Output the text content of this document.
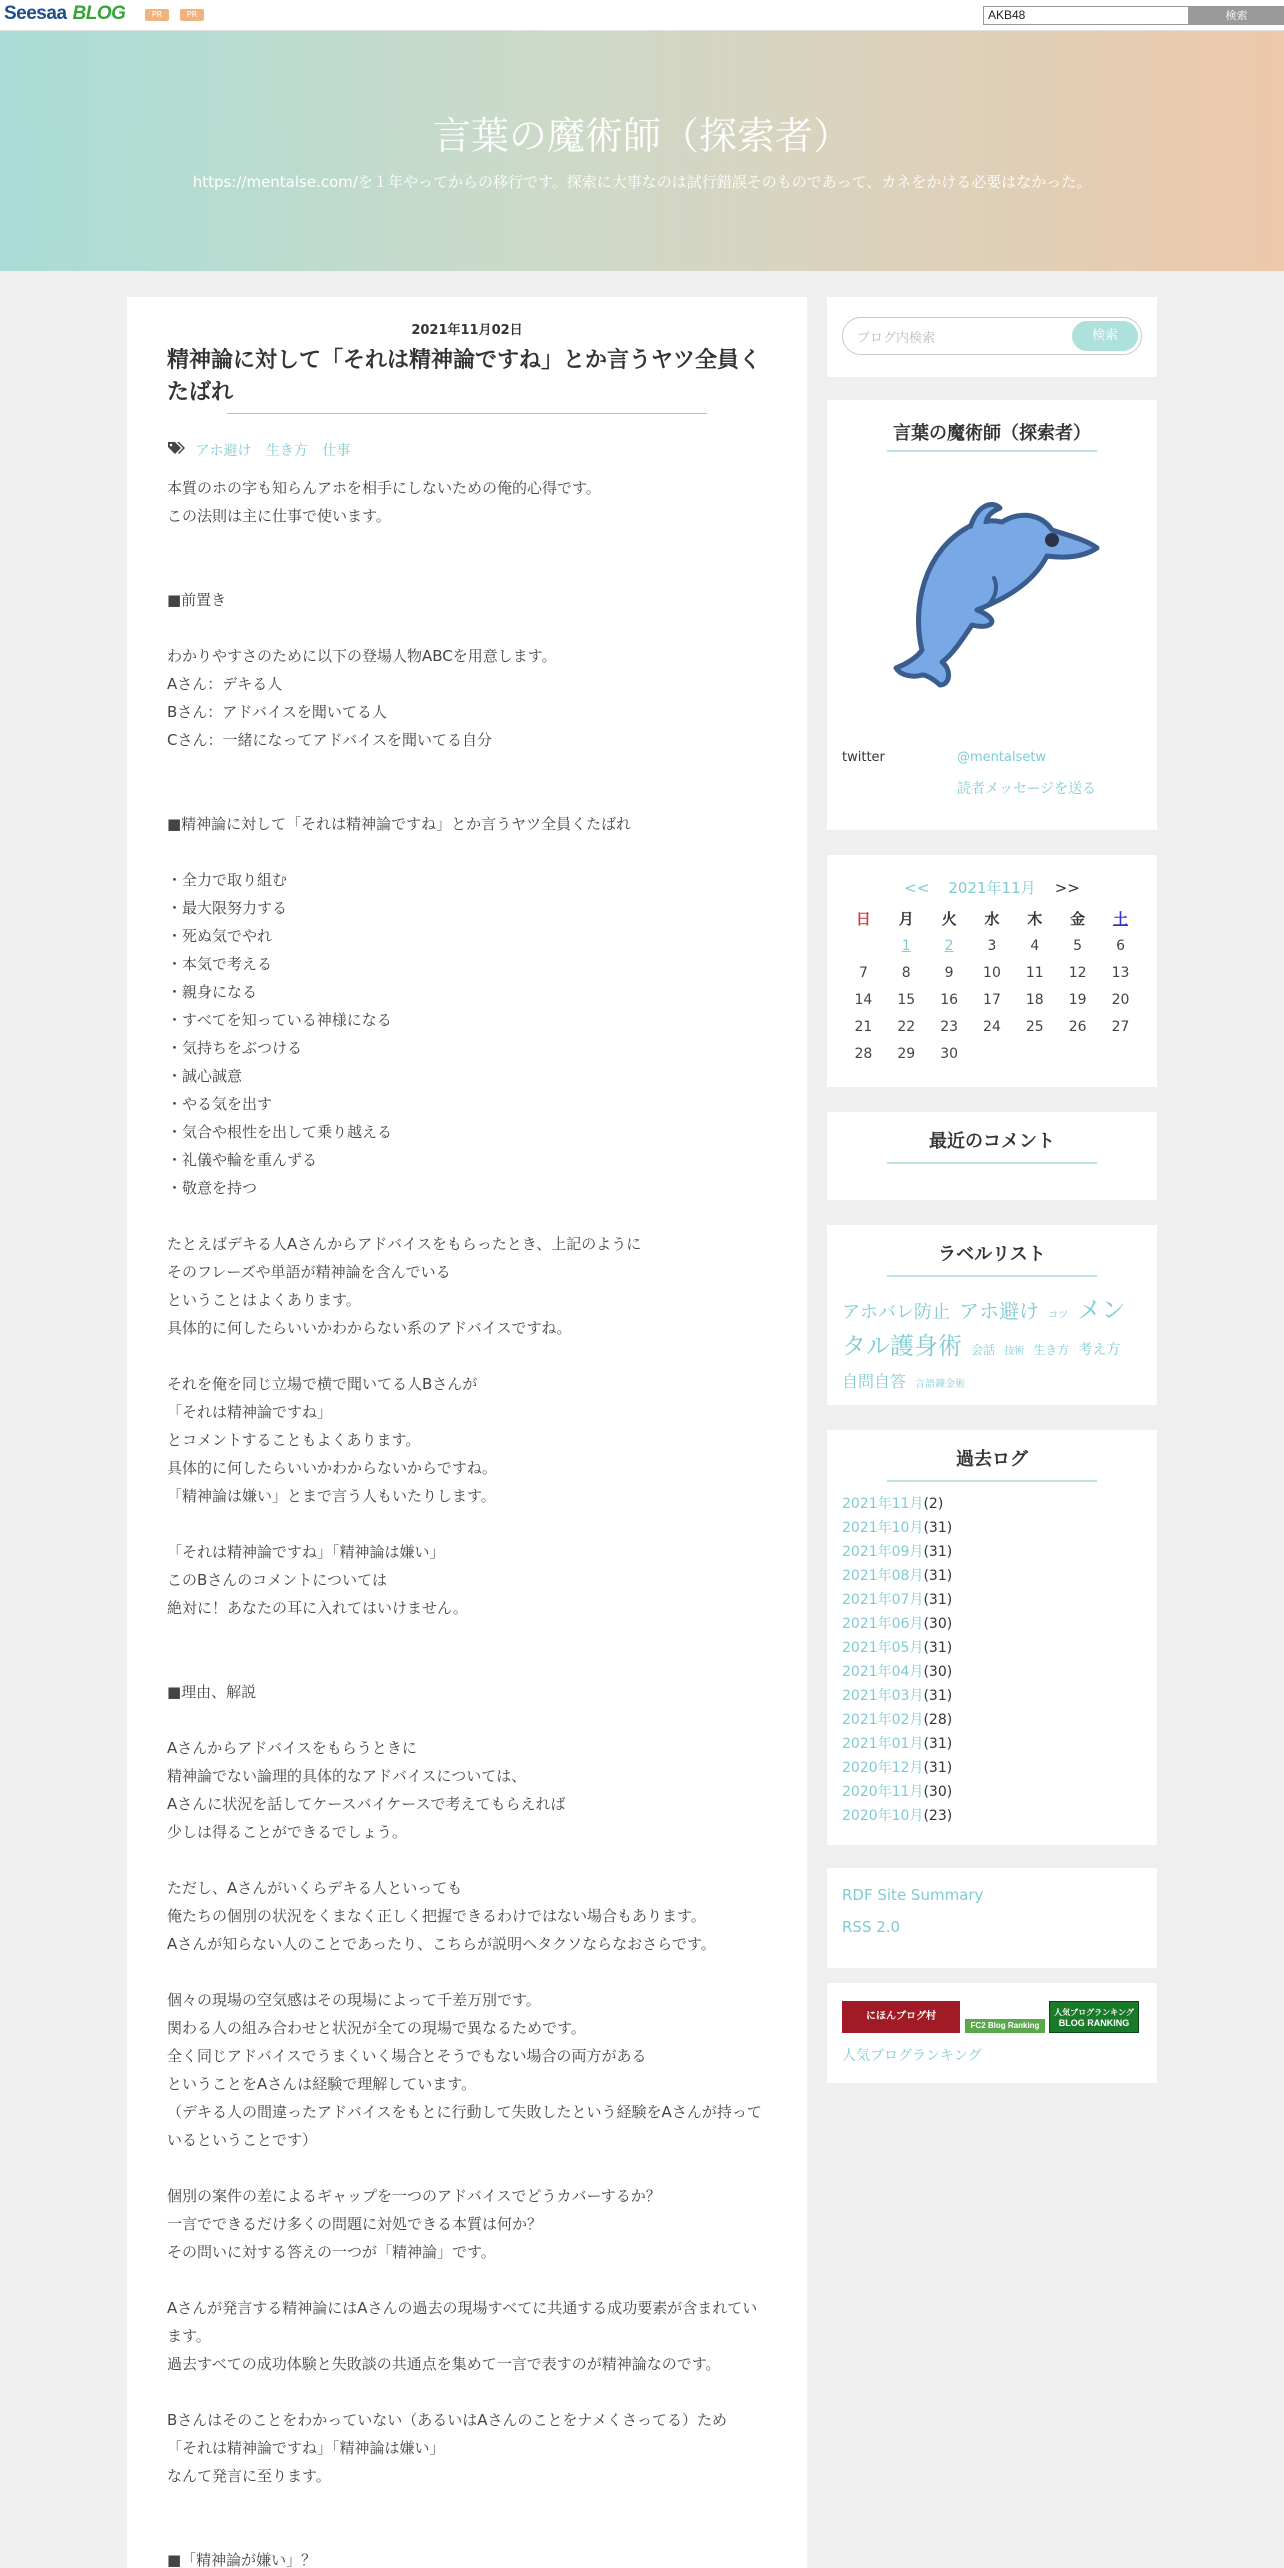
Seesaa BLOG	PR	PR	AKB48	検索
言葉の魔術師（探索者）

https://mentalse.com/を１年やってからの移行です。探索に大事なのは試行錯誤そのものであって、カネをかける必要はなかった。

2021年11月02日
精神論に対して「それは精神論ですね」とか言うヤツ全員くたばれ
アホ避け 生き方 仕事

本質のホの字も知らんアホを相手にしないための俺的心得です。

この法則は主に仕事で使います。

■前置き

わかりやすさのために以下の登場人物ABCを用意します。

Aさん：デキる人

Bさん：アドバイスを聞いてる人

Cさん：一緒になってアドバイスを聞いてる自分

■精神論に対して「それは精神論ですね」とか言うヤツ全員くたばれ

・全力で取り組む

・最大限努力する

・死ぬ気でやれ

・本気で考える

・親身になる

・すべてを知っている神様になる

・気持ちをぶつける

・誠心誠意

・やる気を出す

・気合や根性を出して乗り越える

・礼儀や輪を重んずる

・敬意を持つ

たとえばデキる人Aさんからアドバイスをもらったとき、上記のように

そのフレーズや単語が精神論を含んでいる

ということはよくあります。

具体的に何したらいいかわからない系のアドバイスですね。

それを俺を同じ立場で横で聞いてる人Bさんが

「それは精神論ですね」

とコメントすることもよくあります。

具体的に何したらいいかわからないからですね。

「精神論は嫌い」とまで言う人もいたりします。

「それは精神論ですね」「精神論は嫌い」

このBさんのコメントについては

絶対に！あなたの耳に入れてはいけません。

■理由、解説

Aさんからアドバイスをもらうときに

精神論でない論理的具体的なアドバイスについては、

Aさんに状況を話してケースバイケースで考えてもらえれば

少しは得ることができるでしょう。

ただし、Aさんがいくらデキる人といっても

俺たちの個別の状況をくまなく正しく把握できるわけではない場合もあります。

Aさんが知らない人のことであったり、こちらが説明ヘタクソならなおさらです。

個々の現場の空気感はその現場によって千差万別です。

関わる人の組み合わせと状況が全ての現場で異なるためです。

全く同じアドバイスでうまくいく場合とそうでもない場合の両方がある

ということをAさんは経験で理解しています。

（デキる人の間違ったアドバイスをもとに行動して失敗したという経験をAさんが持っているということです）

個別の案件の差によるギャップを一つのアドバイスでどうカバーするか？

一言でできるだけ多くの問題に対処できる本質は何か？

その問いに対する答えの一つが「精神論」です。

Aさんが発言する精神論にはAさんの過去の現場すべてに共通する成功要素が含まれています。

過去すべての成功体験と失敗談の共通点を集めて一言で表すのが精神論なのです。

Bさんはそのことをわかっていない（あるいはAさんのことをナメくさってる）ため

「それは精神論ですね」「精神論は嫌い」

なんて発言に至ります。

■「精神論が嫌い」？

ブログ内検索	検索
言葉の魔術師（探索者）
twitter	@mentalsetw
読者メッセージを送る
<< 2021年11月 >>
日	月	火	水	木	金	土
	1	2	3	4	5	6
7	8	9	10	11	12	13
14	15	16	17	18	19	20
21	22	23	24	25	26	27
28	29	30				
最近のコメント
ラベルリスト
アホバレ防止 アホ避け コツ メンタル護身術 会話 技術 生き方 考え方 自問自答 言語錬金術
過去ログ
2021年11月(2)
2021年10月(31)
2021年09月(31)
2021年08月(31)
2021年07月(31)
2021年06月(30)
2021年05月(31)
2021年04月(30)
2021年03月(31)
2021年02月(28)
2021年01月(31)
2020年12月(31)
2020年11月(30)
2020年10月(23)
RDF Site Summary
RSS 2.0
にほんブログ村
FC2 Blog Ranking
人気ブログランキング
BLOG RANKING
人気ブログランキング
